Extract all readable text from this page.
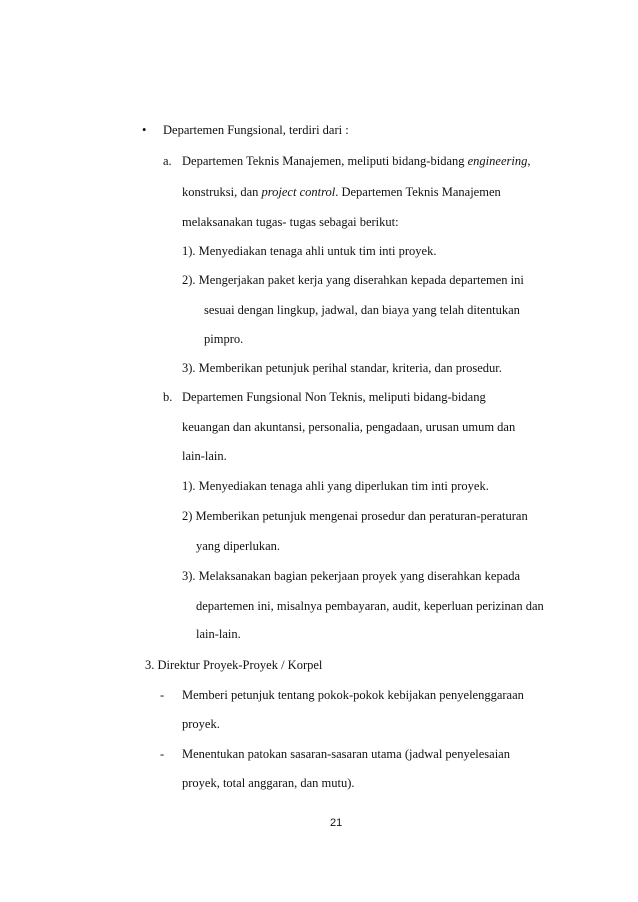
• Departemen Fungsional, terdiri dari :
a. Departemen Teknis Manajemen, meliputi bidang-bidang engineering,
konstruksi, dan project control. Departemen Teknis Manajemen
melaksanakan tugas- tugas sebagai berikut:
1). Menyediakan tenaga ahli untuk tim inti proyek.
2). Mengerjakan paket kerja yang diserahkan kepada departemen ini
sesuai dengan lingkup, jadwal, dan biaya yang telah ditentukan
pimpro.
3). Memberikan petunjuk perihal standar, kriteria, dan prosedur.
b. Departemen Fungsional Non Teknis, meliputi bidang-bidang
keuangan dan akuntansi, personalia, pengadaan, urusan umum dan
lain-lain.
1). Menyediakan tenaga ahli yang diperlukan tim inti proyek.
2) Memberikan petunjuk mengenai prosedur dan peraturan-peraturan
yang diperlukan.
3). Melaksanakan bagian pekerjaan proyek yang diserahkan kepada
departemen ini, misalnya pembayaran, audit, keperluan perizinan dan
lain-lain.
3. Direktur Proyek-Proyek / Korpel
- Memberi petunjuk tentang pokok-pokok kebijakan penyelenggaraan
proyek.
- Menentukan patokan sasaran-sasaran utama (jadwal penyelesaian
proyek, total anggaran, dan mutu).
21
